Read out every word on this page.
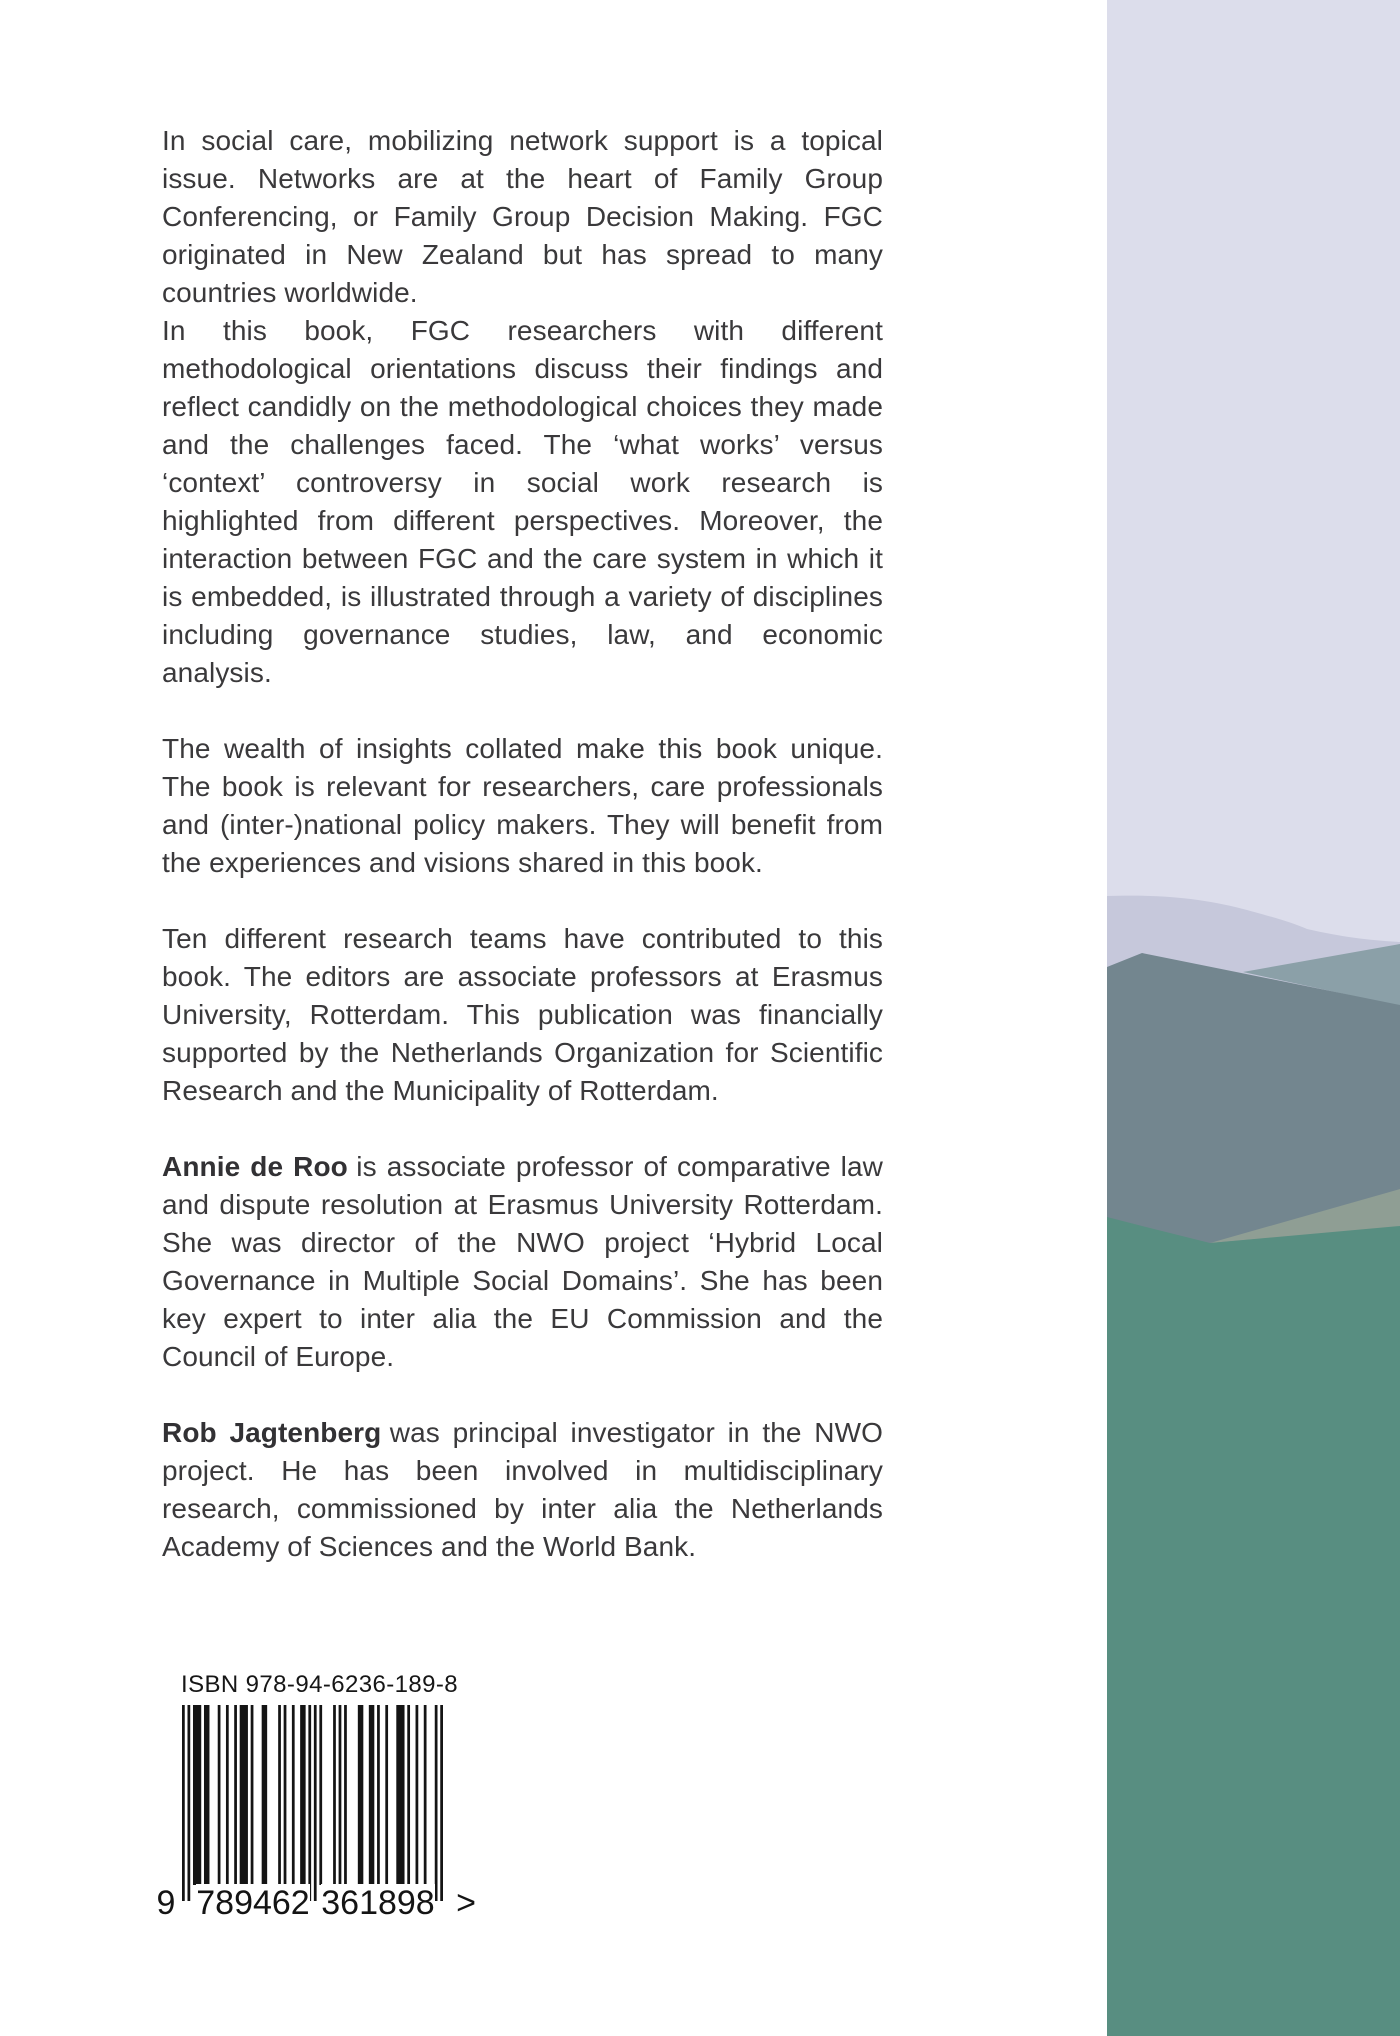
In social care, mobilizing network support is a topical issue. Networks are at the heart of Family Group Conferencing, or Family Group Decision Making. FGC originated in New Zealand but has spread to many countries worldwide.

In this book, FGC researchers with different methodological orientations discuss their findings and reflect candidly on the methodological choices they made and the challenges faced. The ‘what works’ versus ‘context’ controversy in social work research is highlighted from different perspectives. Moreover, the interaction between FGC and the care system in which it is embedded, is illustrated through a variety of disciplines including governance studies, law, and economic analysis.

The wealth of insights collated make this book unique. The book is relevant for researchers, care professionals and (inter-)national policy makers. They will benefit from the experiences and visions shared in this book.

Ten different research teams have contributed to this book. The editors are associate professors at Erasmus University, Rotterdam. This publication was financially supported by the Netherlands Organization for Scientific Research and the Municipality of Rotterdam.

Annie de Roo is associate professor of comparative law and dispute resolution at Erasmus University Rotterdam. She was director of the NWO project ‘Hybrid Local Governance in Multiple Social Domains’. She has been key expert to inter alia the EU Commission and the Council of Europe.

Rob Jagtenberg was principal investigator in the NWO project. He has been involved in multidisciplinary research, commissioned by inter alia the Netherlands Academy of Sciences and the World Bank.

ISBN 978-94-6236-189-8
9 789462 361898 >
